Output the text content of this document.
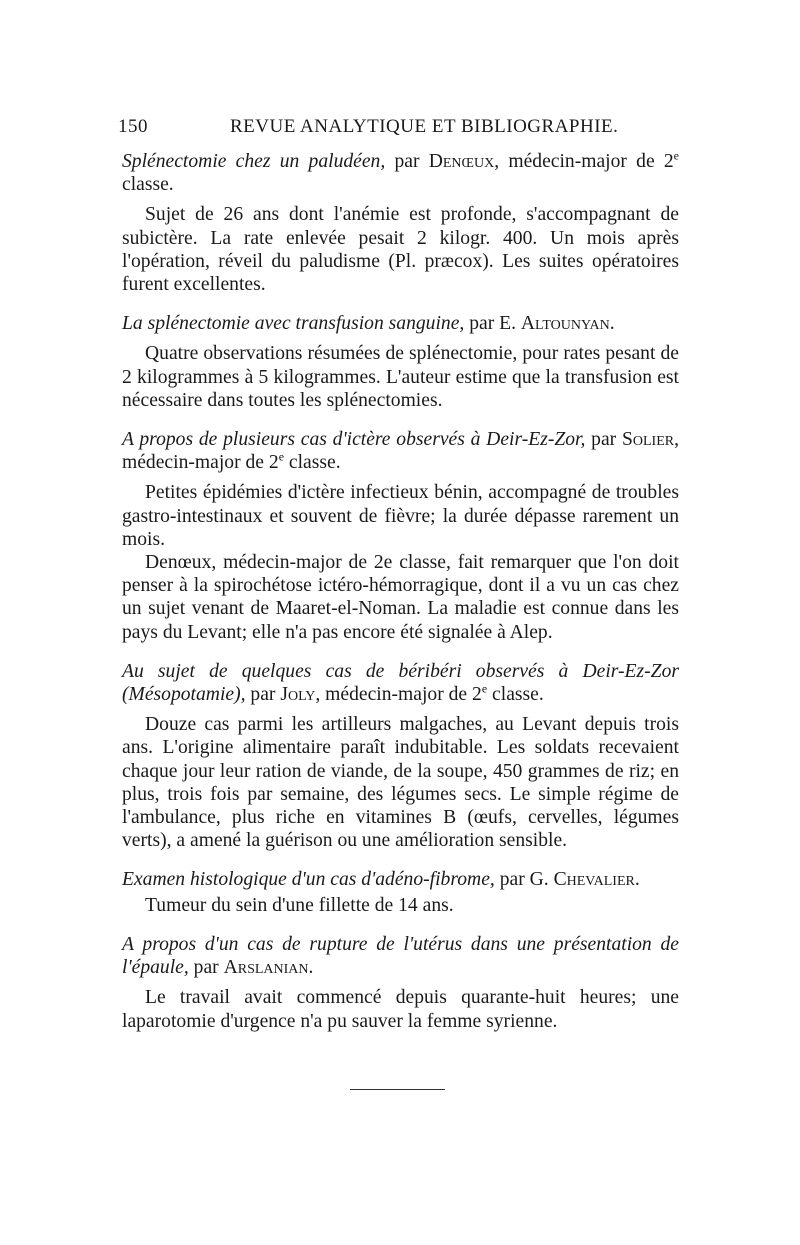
150	REVUE ANALYTIQUE ET BIBLIOGRAPHIE.

Splénectomie chez un paludéen, par Denœux, médecin-major de 2e classe.

Sujet de 26 ans dont l'anémie est profonde, s'accompagnant de subictère. La rate enlevée pesait 2 kilogr. 400. Un mois après l'opération, réveil du paludisme (Pl. præcox). Les suites opératoires furent excellentes.

La splénectomie avec transfusion sanguine, par E. Altounyan.

Quatre observations résumées de splénectomie, pour rates pesant de 2 kilogrammes à 5 kilogrammes. L'auteur estime que la transfusion est nécessaire dans toutes les splénectomies.

A propos de plusieurs cas d'ictère observés à Deir-Ez-Zor, par Solier, médecin-major de 2e classe.

Petites épidémies d'ictère infectieux bénin, accompagné de troubles gastro-intestinaux et souvent de fièvre; la durée dépasse rarement un mois.

Denœux, médecin-major de 2e classe, fait remarquer que l'on doit penser à la spirochétose ictéro-hémorragique, dont il a vu un cas chez un sujet venant de Maaret-el-Noman. La maladie est connue dans les pays du Levant; elle n'a pas encore été signalée à Alep.

Au sujet de quelques cas de béribéri observés à Deir-Ez-Zor (Mésopotamie), par Joly, médecin-major de 2e classe.

Douze cas parmi les artilleurs malgaches, au Levant depuis trois ans. L'origine alimentaire paraît indubitable. Les soldats recevaient chaque jour leur ration de viande, de la soupe, 450 grammes de riz; en plus, trois fois par semaine, des légumes secs. Le simple régime de l'ambulance, plus riche en vitamines B (œufs, cervelles, légumes verts), a amené la guérison ou une amélioration sensible.

Examen histologique d'un cas d'adéno-fibrome, par G. Chevalier.

Tumeur du sein d'une fillette de 14 ans.

A propos d'un cas de rupture de l'utérus dans une présentation de l'épaule, par Arslanian.

Le travail avait commencé depuis quarante-huit heures; une laparotomie d'urgence n'a pu sauver la femme syrienne.
